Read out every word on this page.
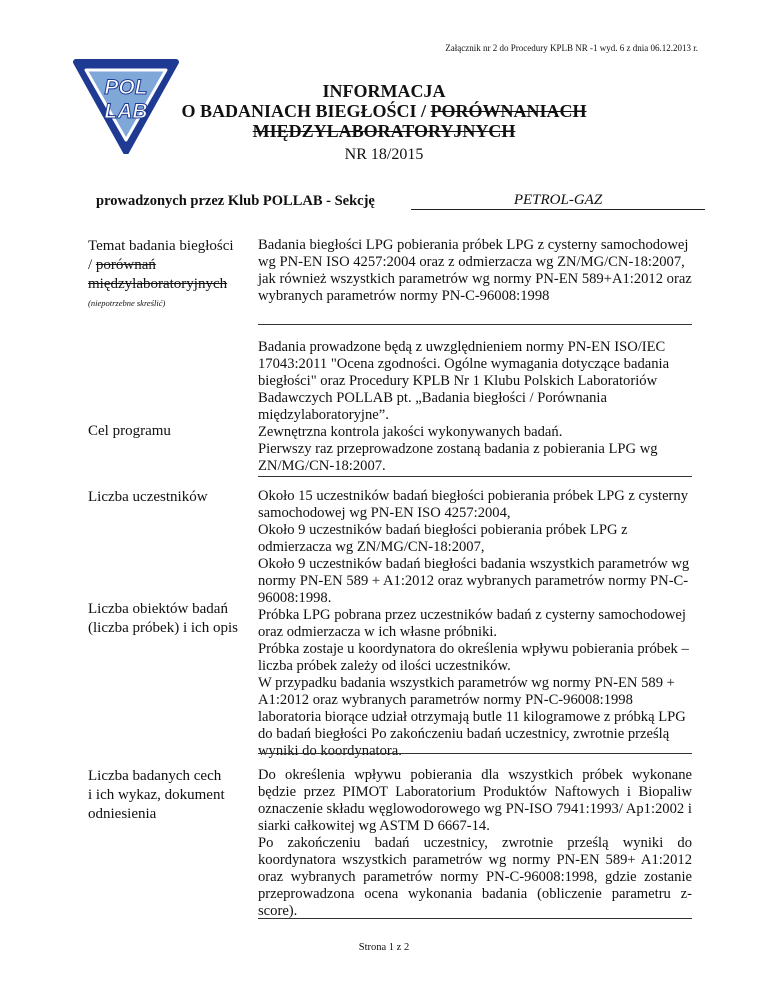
Załącznik nr 2 do Procedury KPLB NR -1 wyd. 6 z dnia 06.12.2013 r.
POL
LAB
INFORMACJA
O BADANIACH BIEGŁOŚCI / PORÓWNANIACH
MIĘDZYLABORATORYJNYCH
NR 18/2015
prowadzonych przez Klub POLLAB - Sekcję	PETROL-GAZ
Temat badania biegłości
/ porównań
międzylaboratoryjnych
(niepotrzebne skreślić)
Badania biegłości LPG pobierania próbek LPG z cysterny samochodowej wg PN-EN ISO 4257:2004 oraz z odmierzacza wg ZN/MG/CN-18:2007, jak również wszystkich parametrów wg normy PN-EN 589+A1:2012 oraz wybranych parametrów normy PN-C-96008:1998
Badania prowadzone będą z uwzględnieniem normy PN-EN ISO/IEC 17043:2011 "Ocena zgodności. Ogólne wymagania dotyczące badania biegłości" oraz Procedury KPLB Nr 1 Klubu Polskich Laboratoriów Badawczych POLLAB pt. „Badania biegłości / Porównania międzylaboratoryjne”.
Zewnętrzna kontrola jakości wykonywanych badań.
Pierwszy raz przeprowadzone zostaną badania z pobierania LPG wg ZN/MG/CN-18:2007.
Cel programu
Liczba uczestników	Około 15 uczestników badań biegłości pobierania próbek LPG z cysterny samochodowej wg PN-EN ISO 4257:2004,
Około 9 uczestników badań biegłości pobierania próbek LPG z odmierzacza wg ZN/MG/CN-18:2007,
Około 9 uczestników badań biegłości badania wszystkich parametrów wg normy PN-EN 589 + A1:2012 oraz wybranych parametrów normy PN-C-96008:1998.
Próbka LPG pobrana przez uczestników badań z cysterny samochodowej oraz odmierzacza w ich własne próbniki.
Próbka zostaje u koordynatora do określenia wpływu pobierania próbek – liczba próbek zależy od ilości uczestników.
W przypadku badania wszystkich parametrów wg normy PN-EN 589 + A1:2012 oraz wybranych parametrów normy PN-C-96008:1998 laboratoria biorące udział otrzymają butle 11 kilogramowe z próbką LPG do badań biegłości Po zakończeniu badań uczestnicy, zwrotnie prześlą wyniki do koordynatora.
Liczba obiektów badań
(liczba próbek) i ich opis
Liczba badanych cech
i ich wykaz, dokument
odniesienia
Do określenia wpływu pobierania dla wszystkich próbek wykonane będzie przez PIMOT Laboratorium Produktów Naftowych i Biopaliw oznaczenie składu węglowodorowego wg PN-ISO 7941:1993/ Ap1:2002 i siarki całkowitej wg ASTM D 6667-14.
Po zakończeniu badań uczestnicy, zwrotnie prześlą wyniki do koordynatora wszystkich parametrów wg normy PN-EN 589+ A1:2012 oraz wybranych parametrów normy PN-C-96008:1998, gdzie zostanie przeprowadzona ocena wykonania badania (obliczenie parametru z-score).
Strona 1 z 2
